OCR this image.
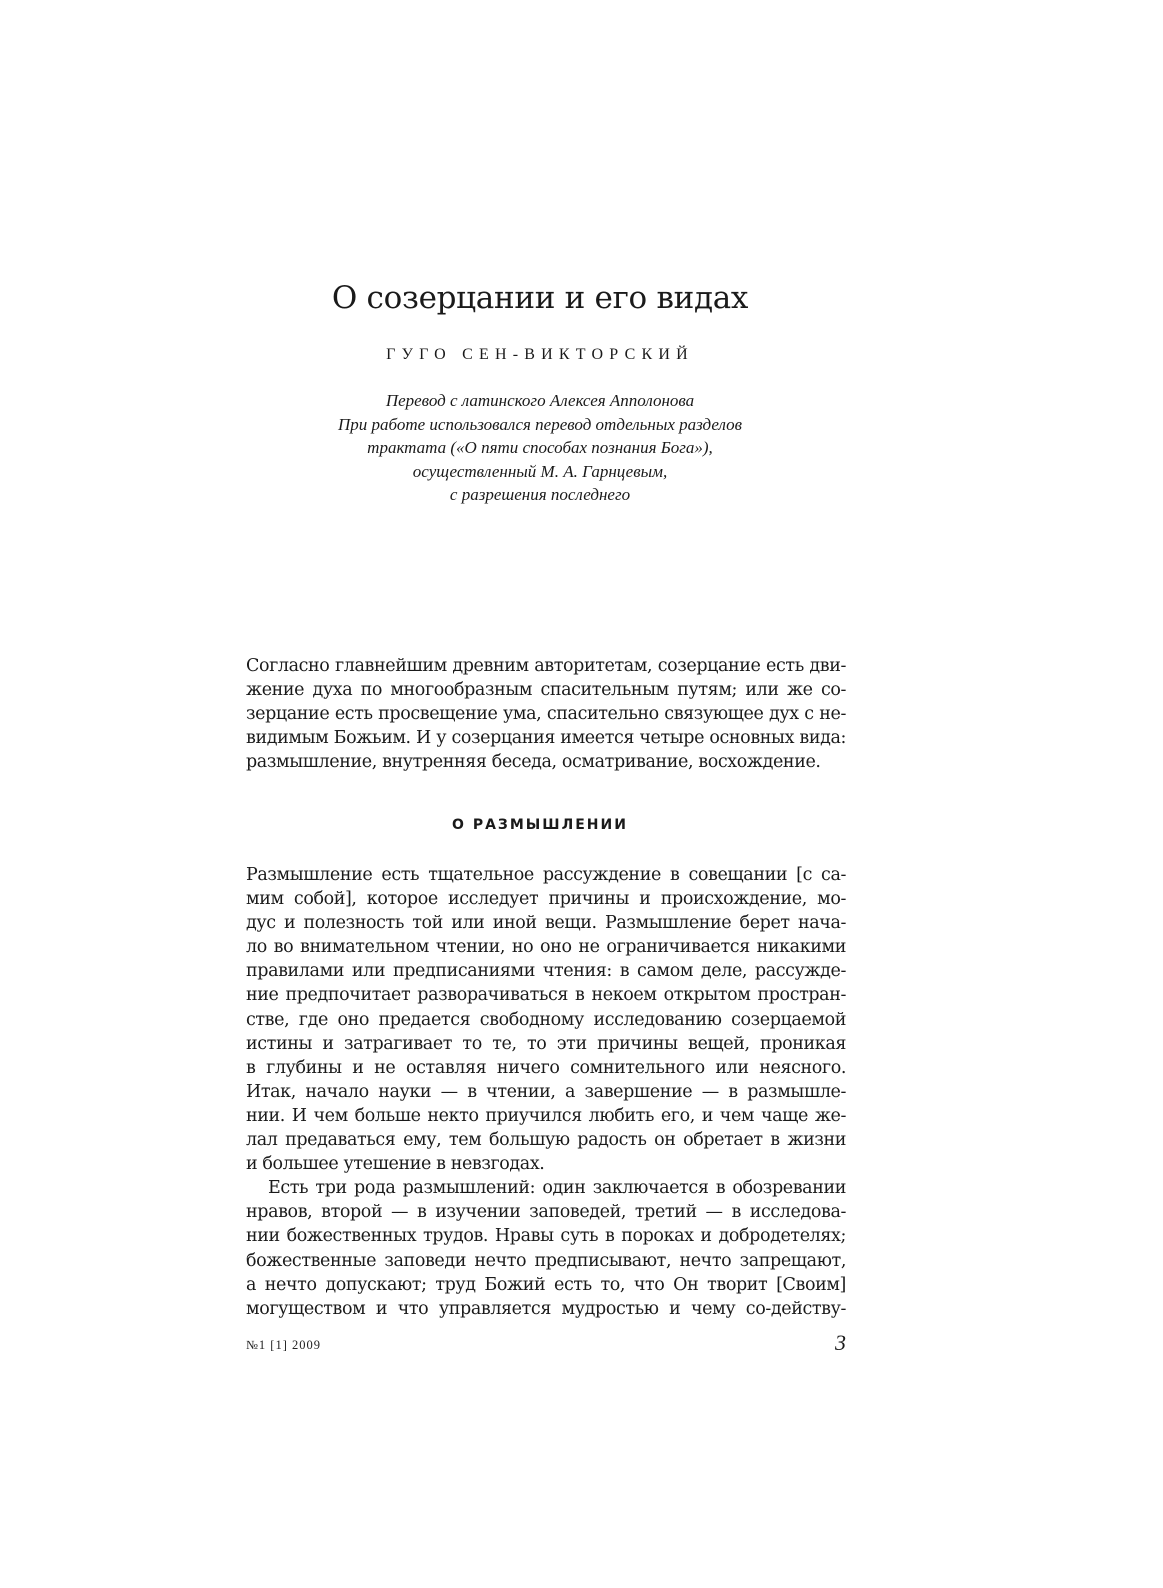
О созерцании и его видах
ГУГО СЕН-ВИКТОРСКИЙ
Перевод с латинского Алексея Апполонова
При работе использовался перевод отдельных разделов
трактата («О пяти способах познания Бога»),
осуществленный М. А. Гарнцевым,
с разрешения последнего
Согласно главнейшим древним авторитетам, созерцание есть дви-
жение духа по многообразным спасительным путям; или же со-
зерцание есть просвещение ума, спасительно связующее дух с не-
видимым Божьим. И у созерцания имеется четыре основных вида:
размышление, внутренняя беседа, осматривание, восхождение.
О РАЗМЫШЛЕНИИ
Размышление есть тщательное рассуждение в совещании [с са-
мим собой], которое исследует причины и происхождение, мо-
дус и полезность той или иной вещи. Размышление берет нача-
ло во внимательном чтении, но оно не ограничивается никакими
правилами или предписаниями чтения: в самом деле, рассужде-
ние предпочитает разворачиваться в некоем открытом простран-
стве, где оно предается свободному исследованию созерцаемой
истины и затрагивает то те, то эти причины вещей, проникая
в глубины и не оставляя ничего сомнительного или неясного.
Итак, начало науки — в чтении, а завершение — в размышле-
нии. И чем больше некто приучился любить его, и чем чаще же-
лал предаваться ему, тем большую радость он обретает в жизни
и большее утешение в невзгодах.
Есть три рода размышлений: один заключается в обозревании
нравов, второй — в изучении заповедей, третий — в исследова-
нии божественных трудов. Нравы суть в пороках и добродетелях;
божественные заповеди нечто предписывают, нечто запрещают,
а нечто допускают; труд Божий есть то, что Он творит [Своим]
могуществом и что управляется мудростью и чему со-действу-
№1 [1] 2009	3
